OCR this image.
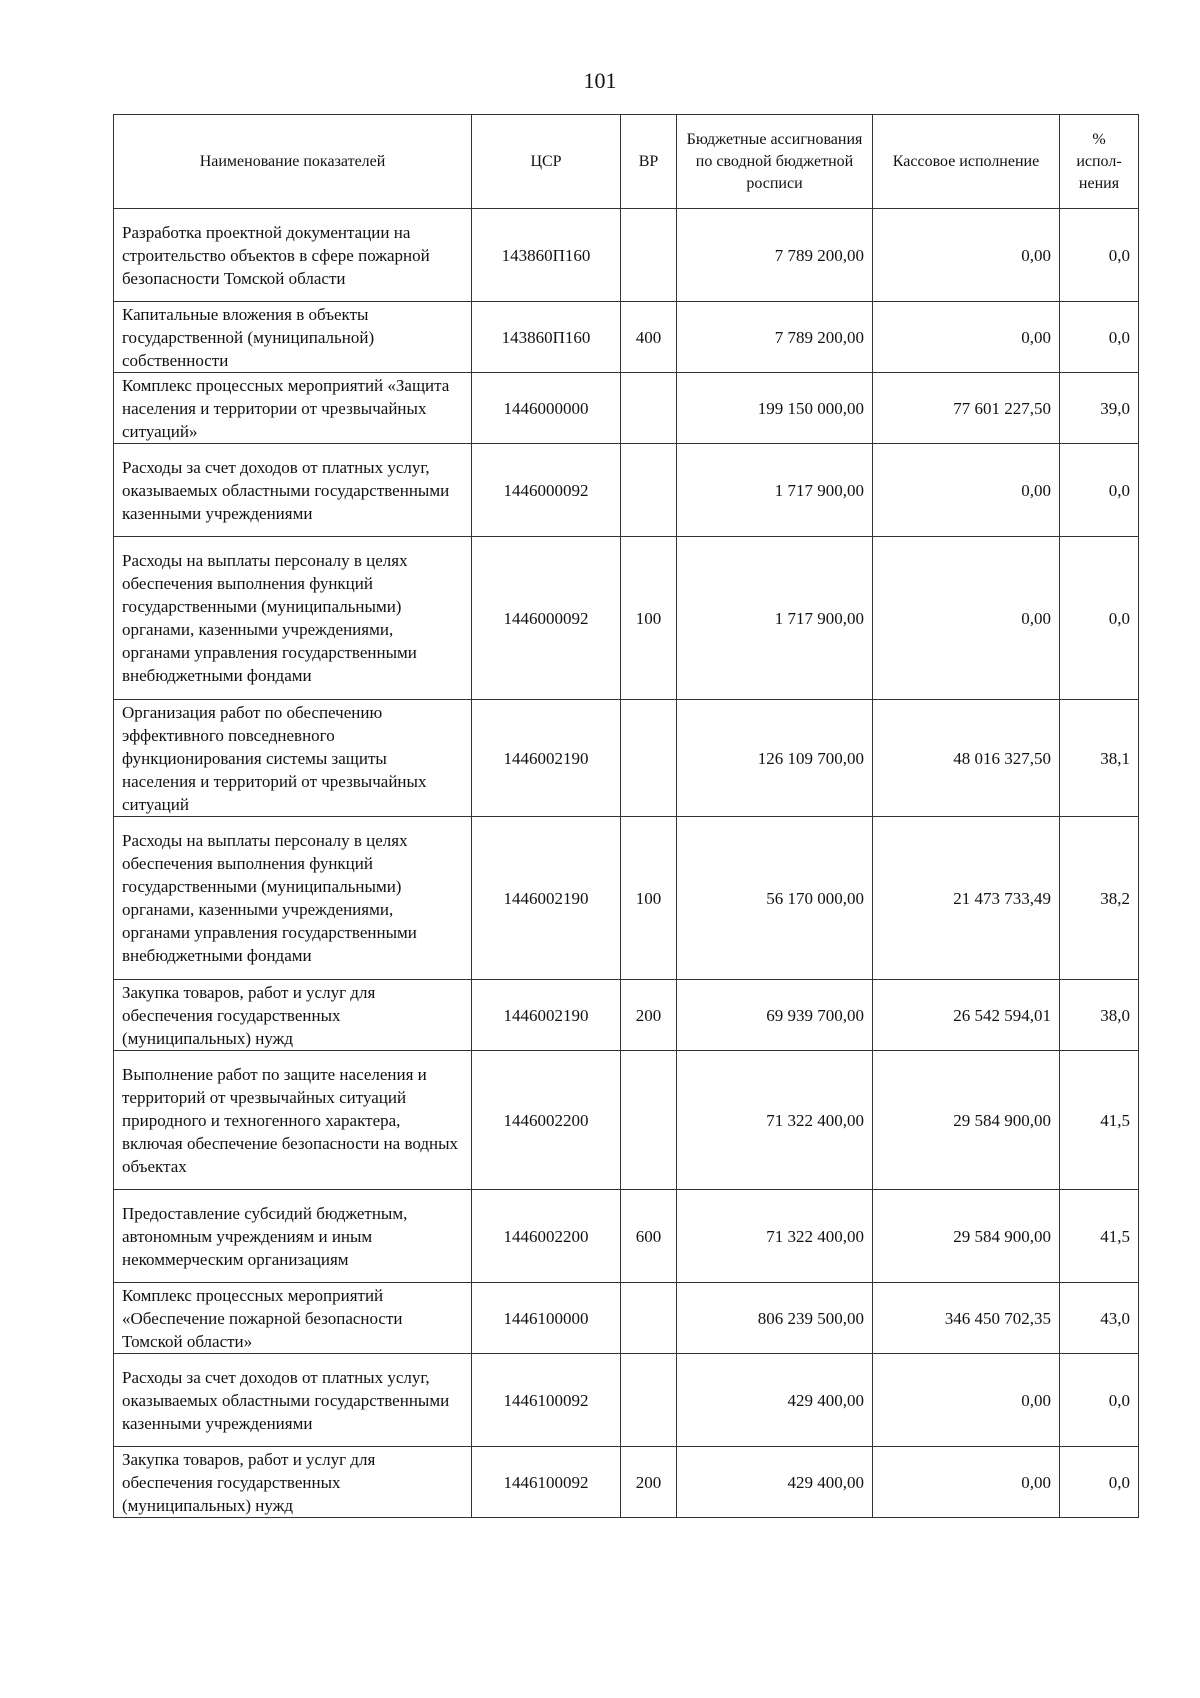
101
Наименование показателей	ЦСР	ВР	Бюджетные ассигнования по сводной бюджетной росписи	Кассовое исполнение	% испол-нения
Разработка проектной документации на строительство объектов в сфере пожарной безопасности Томской области	143860П160		7 789 200,00	0,00	0,0
Капитальные вложения в объекты государственной (муниципальной) собственности	143860П160	400	7 789 200,00	0,00	0,0
Комплекс процессных мероприятий «Защита населения и территории от чрезвычайных ситуаций»	1446000000		199 150 000,00	77 601 227,50	39,0
Расходы за счет доходов от платных услуг, оказываемых областными государственными казенными учреждениями	1446000092		1 717 900,00	0,00	0,0
Расходы на выплаты персоналу в целях обеспечения выполнения функций государственными (муниципальными) органами, казенными учреждениями, органами управления государственными внебюджетными фондами	1446000092	100	1 717 900,00	0,00	0,0
Организация работ по обеспечению эффективного повседневного функционирования системы защиты населения и территорий от чрезвычайных ситуаций	1446002190		126 109 700,00	48 016 327,50	38,1
Расходы на выплаты персоналу в целях обеспечения выполнения функций государственными (муниципальными) органами, казенными учреждениями, органами управления государственными внебюджетными фондами	1446002190	100	56 170 000,00	21 473 733,49	38,2
Закупка товаров, работ и услуг для обеспечения государственных (муниципальных) нужд	1446002190	200	69 939 700,00	26 542 594,01	38,0
Выполнение работ по защите населения и территорий от чрезвычайных ситуаций природного и техногенного характера, включая обеспечение безопасности на водных объектах	1446002200		71 322 400,00	29 584 900,00	41,5
Предоставление субсидий бюджетным, автономным учреждениям и иным некоммерческим организациям	1446002200	600	71 322 400,00	29 584 900,00	41,5
Комплекс процессных мероприятий «Обеспечение пожарной безопасности Томской области»	1446100000		806 239 500,00	346 450 702,35	43,0
Расходы за счет доходов от платных услуг, оказываемых областными государственными казенными учреждениями	1446100092		429 400,00	0,00	0,0
Закупка товаров, работ и услуг для обеспечения государственных (муниципальных) нужд	1446100092	200	429 400,00	0,00	0,0
